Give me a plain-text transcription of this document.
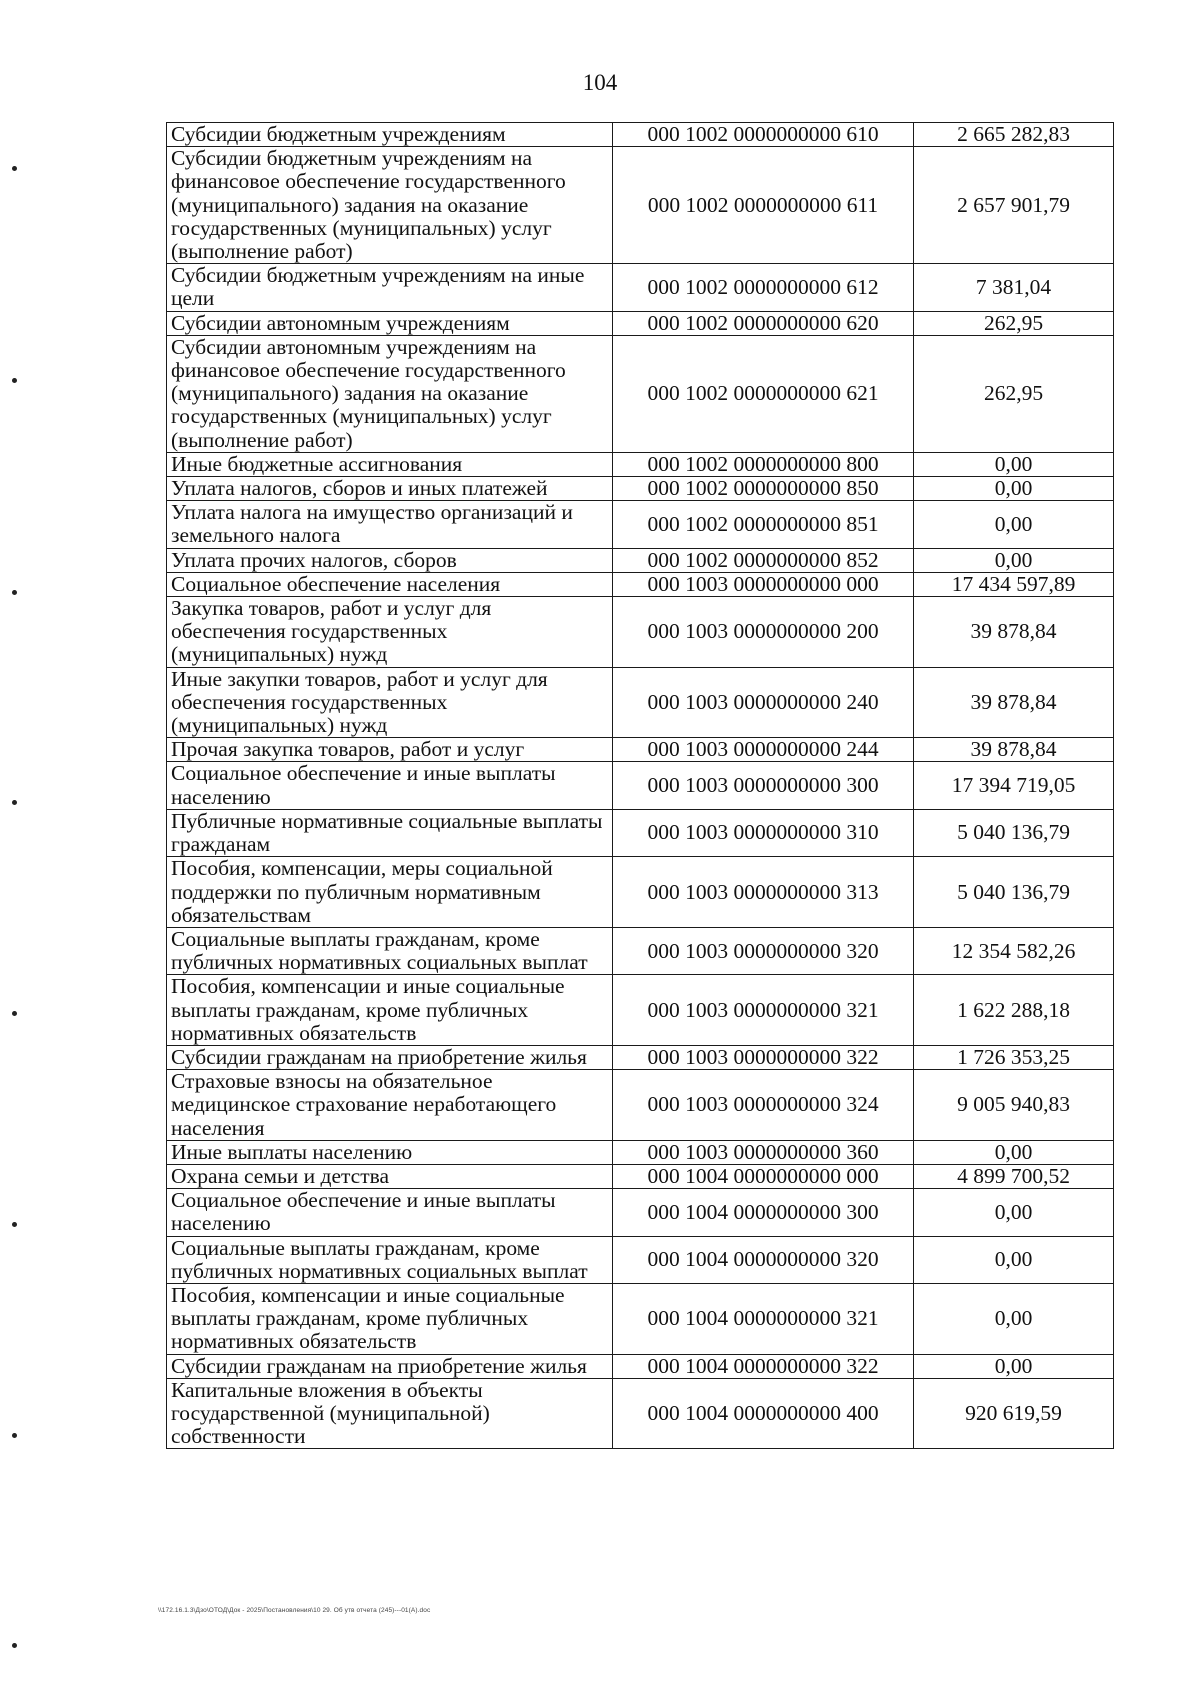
104
Субсидии бюджетным учреждениям	000 1002 0000000000 610	2 665 282,83
Субсидии бюджетным учреждениям на финансовое обеспечение государственного (муниципального) задания на оказание государственных (муниципальных) услуг (выполнение работ)	000 1002 0000000000 611	2 657 901,79
Субсидии бюджетным учреждениям на иные цели	000 1002 0000000000 612	7 381,04
Субсидии автономным учреждениям	000 1002 0000000000 620	262,95
Субсидии автономным учреждениям на финансовое обеспечение государственного (муниципального) задания на оказание государственных (муниципальных) услуг (выполнение работ)	000 1002 0000000000 621	262,95
Иные бюджетные ассигнования	000 1002 0000000000 800	0,00
Уплата налогов, сборов и иных платежей	000 1002 0000000000 850	0,00
Уплата налога на имущество организаций и земельного налога	000 1002 0000000000 851	0,00
Уплата прочих налогов, сборов	000 1002 0000000000 852	0,00
Социальное обеспечение населения	000 1003 0000000000 000	17 434 597,89
Закупка товаров, работ и услуг для обеспечения государственных (муниципальных) нужд	000 1003 0000000000 200	39 878,84
Иные закупки товаров, работ и услуг для обеспечения государственных (муниципальных) нужд	000 1003 0000000000 240	39 878,84
Прочая закупка товаров, работ и услуг	000 1003 0000000000 244	39 878,84
Социальное обеспечение и иные выплаты населению	000 1003 0000000000 300	17 394 719,05
Публичные нормативные социальные выплаты гражданам	000 1003 0000000000 310	5 040 136,79
Пособия, компенсации, меры социальной поддержки по публичным нормативным обязательствам	000 1003 0000000000 313	5 040 136,79
Социальные выплаты гражданам, кроме публичных нормативных социальных выплат	000 1003 0000000000 320	12 354 582,26
Пособия, компенсации и иные социальные выплаты гражданам, кроме публичных нормативных обязательств	000 1003 0000000000 321	1 622 288,18
Субсидии гражданам на приобретение жилья	000 1003 0000000000 322	1 726 353,25
Страховые взносы на обязательное медицинское страхование неработающего населения	000 1003 0000000000 324	9 005 940,83
Иные выплаты населению	000 1003 0000000000 360	0,00
Охрана семьи и детства	000 1004 0000000000 000	4 899 700,52
Социальное обеспечение и иные выплаты населению	000 1004 0000000000 300	0,00
Социальные выплаты гражданам, кроме публичных нормативных социальных выплат	000 1004 0000000000 320	0,00
Пособия, компенсации и иные социальные выплаты гражданам, кроме публичных нормативных обязательств	000 1004 0000000000 321	0,00
Субсидии гражданам на приобретение жилья	000 1004 0000000000 322	0,00
Капитальные вложения в объекты государственной (муниципальной) собственности	000 1004 0000000000 400	920 619,59
\\172.16.1.3\Дзо\ОТОД\Док - 2025\Постановления\10 29. Об утв отчета (245)---01(А).doc
